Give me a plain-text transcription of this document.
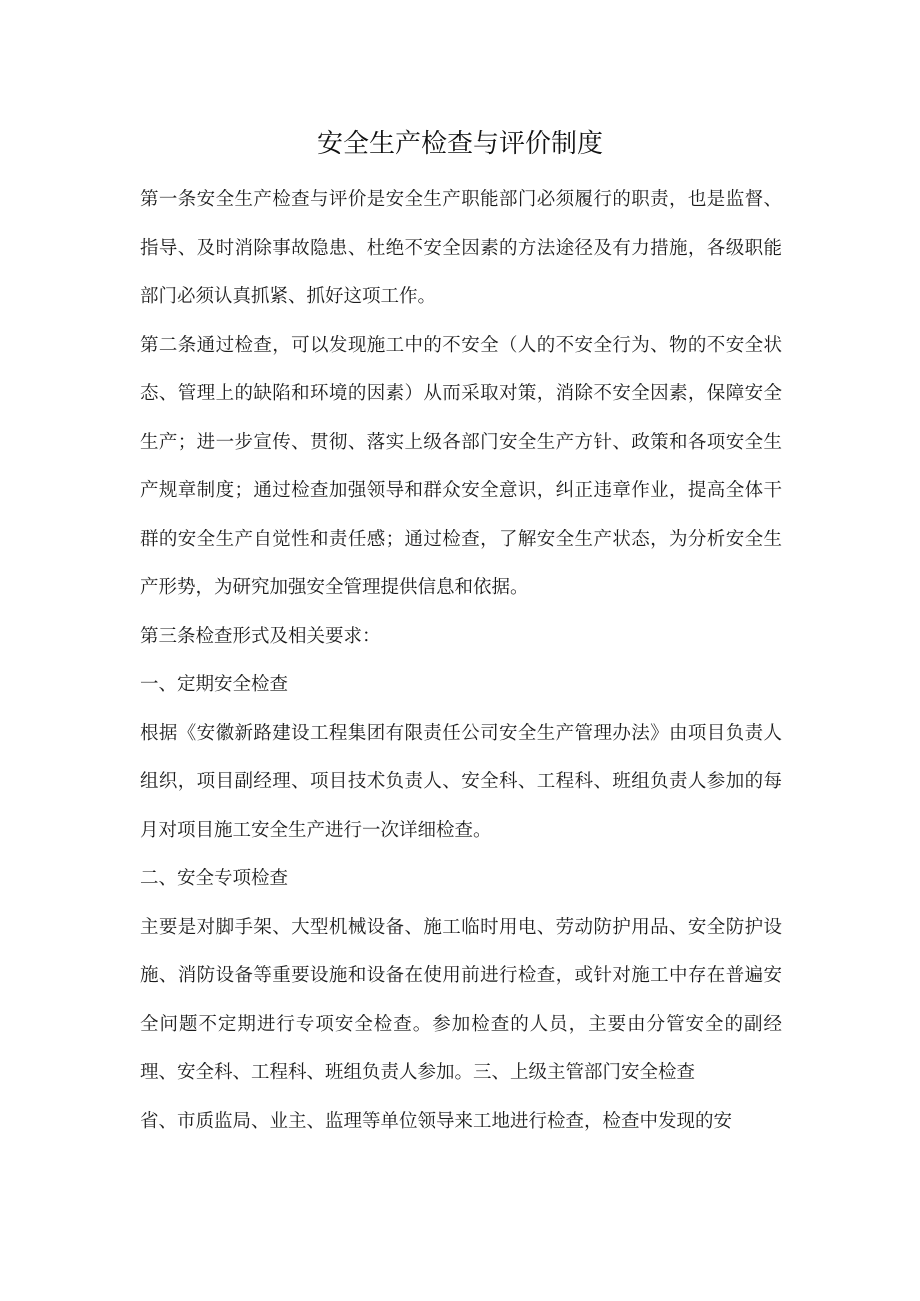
安全生产检查与评价制度

第一条安全生产检查与评价是安全生产职能部门必须履行的职责，也是监督、指导、及时消除事故隐患、杜绝不安全因素的方法途径及有力措施，各级职能部门必须认真抓紧、抓好这项工作。

第二条通过检查，可以发现施工中的不安全（人的不安全行为、物的不安全状态、管理上的缺陷和环境的因素）从而采取对策，消除不安全因素，保障安全生产；进一步宣传、贯彻、落实上级各部门安全生产方针、政策和各项安全生产规章制度；通过检查加强领导和群众安全意识，纠正违章作业，提高全体干群的安全生产自觉性和责任感；通过检查，了解安全生产状态，为分析安全生产形势，为研究加强安全管理提供信息和依据。

第三条检查形式及相关要求：

一、定期安全检查

根据《安徽新路建设工程集团有限责任公司安全生产管理办法》由项目负责人组织，项目副经理、项目技术负责人、安全科、工程科、班组负责人参加的每月对项目施工安全生产进行一次详细检查。

二、安全专项检查

主要是对脚手架、大型机械设备、施工临时用电、劳动防护用品、安全防护设施、消防设备等重要设施和设备在使用前进行检查，或针对施工中存在普遍安全问题不定期进行专项安全检查。参加检查的人员，主要由分管安全的副经理、安全科、工程科、班组负责人参加。三、上级主管部门安全检查

省、市质监局、业主、监理等单位领导来工地进行检查，检查中发现的安
